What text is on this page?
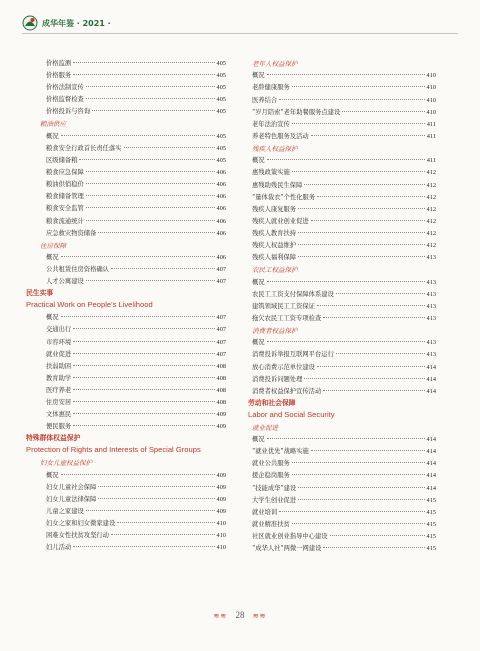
成华年鉴 · 2021 ·
价格监测	405
价格服务	405
价格法制宣传	405
价格监督检查	405
价格投诉与咨询	405
粮油供应
概况	405
粮食安全行政首长责任落实	405
区级储备粮	405
粮食应急保障	406
粮油供俏稳价	406
粮食储备管理	406
粮食安全监管	406
粮食流通统计	406
应急救灾物资储备	406
住房保障
概况	406
公共租赁住房资格确认	407
人才公寓建设	407
民生实事
Practical Work on People's Livelihood
概况	407
交通出行	407
市容环境	407
就业促进	407
扶弱助困	408
教育助学	408
医疗养老	408
住房安居	408
文体惠民	409
便民服务	409
特殊群体权益保护
Protection of Rights and Interests of Special Groups
妇女儿童权益保护
概况	409
妇女儿童社会保障	409
妇女儿童法律保障	409
儿童之家建设	409
妇女之家和妇女微家建设	410
困难女性扶贫攻坚行动	410
妇儿活动	410
老年人权益保护
概况	410
老龄健康服务	410
医养结合	410
“岁月陪索”老年助餐服务点建设	410
老年法治宣传	411
养老特色服务及活动	411
残疾人权益保护
概况	411
惠残政策实施	412
惠残助残民生保障	412
“量体裁衣”个性化服务	412
残疾人康复服务	412
残疾人就业创业促进	412
残疾人教育扶持	412
残疾人权益维护	412
残疾人福利保障	413
农民工权益保护
概况	413
农民工工资支付保障体系建设	413
建筑领域民工工资保证	413
拖欠农民工工资专项检查	413
消费者权益保护
概况	413
消费投诉举报互联网平台运行	413
放心消费示范单位建设	414
消费投诉问题处理	414
消费者权益保护宣传活动	414
劳动和社会保障
Labor and Social Security
就业促进
概况	414
“就业优先”战略实施	414
就业公共服务	414
援企稳岗服务	414
“技能成华”建设	414
大学生创业促进	415
就业培训	415
就业精准扶贫	415
社区就业创业指导中心建设	415
“成华人社”两微一网建设	415
≋≋ 28 ≋≋
